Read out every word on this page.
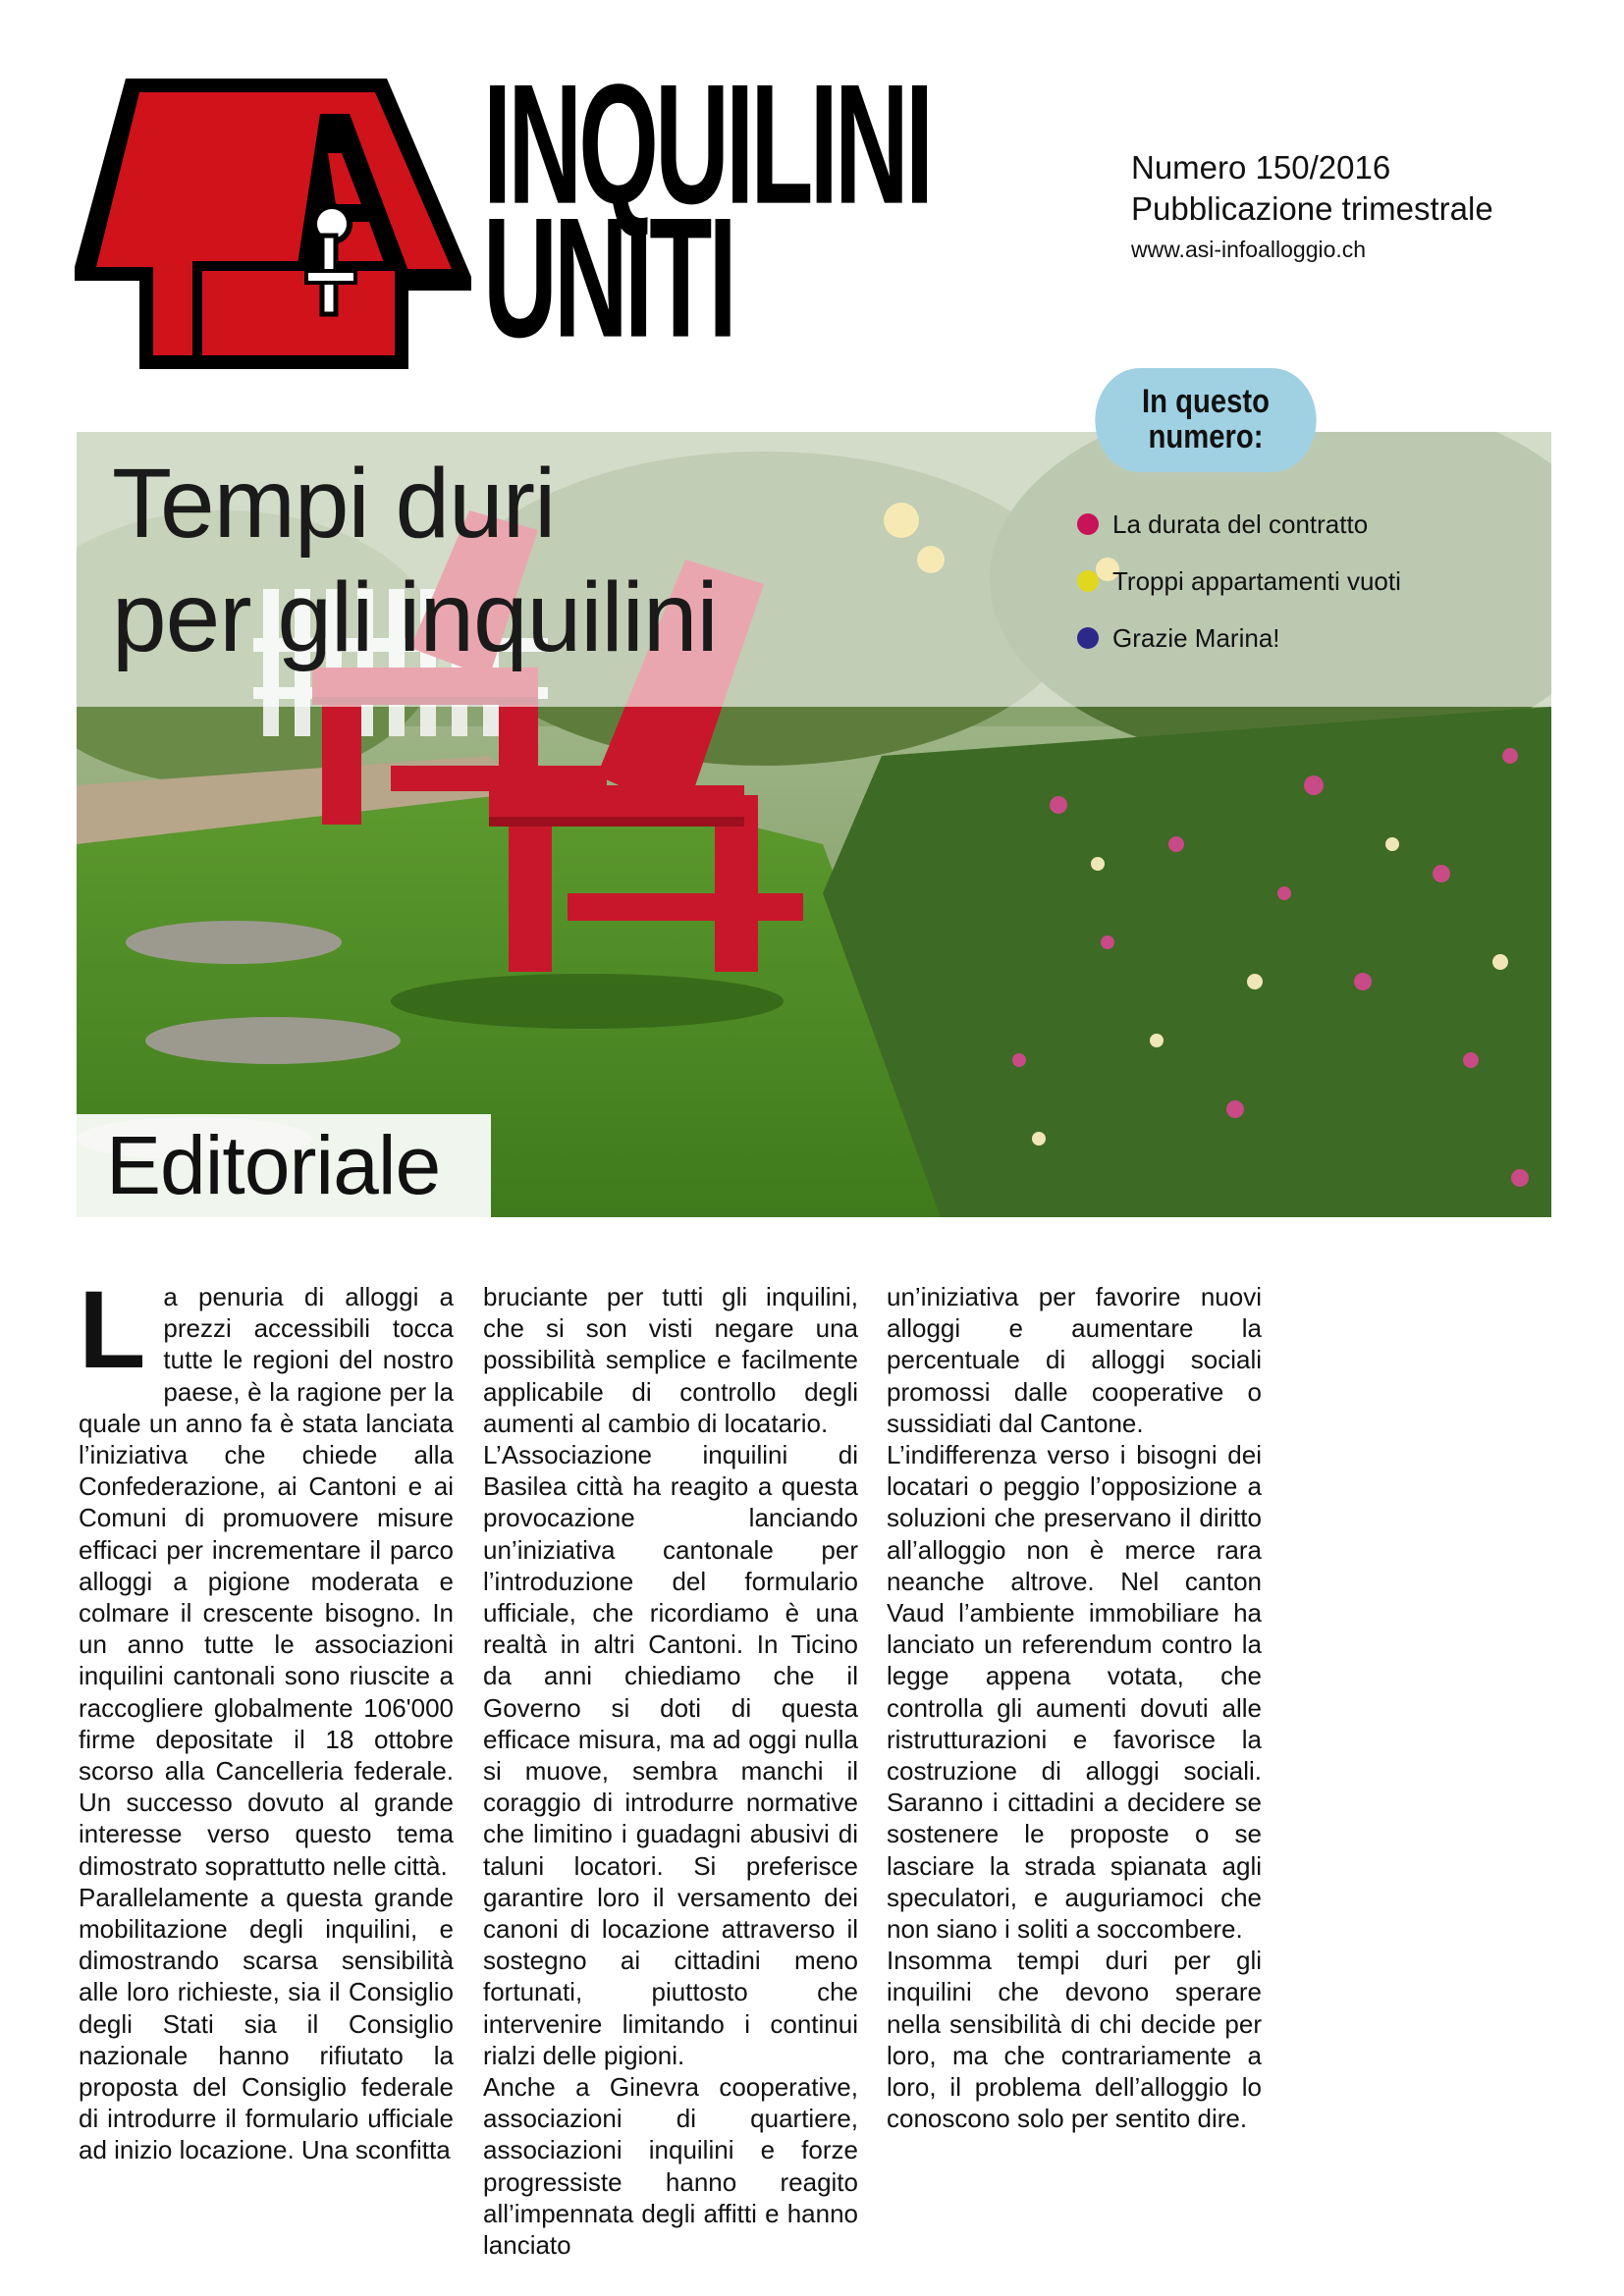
INQUILINI
UNITI
Numero 150/2016
Pubblicazione trimestrale
www.asi-infoalloggio.ch
Tempi duri
per gli inquilini
In questo
numero:
La durata del contratto
Troppi appartamenti vuoti
Grazie Marina!
Editoriale

L a penuria di alloggi a prezzi accessibili tocca tutte le regioni del nostro paese, è la ragione per la quale un anno fa è stata lanciata l’iniziativa che chiede alla Confederazione, ai Cantoni e ai Comuni di promuovere misure efficaci per incrementare il parco alloggi a pigione moderata e colmare il crescente bisogno. In un anno tutte le associazioni inquilini cantonali sono riuscite a raccogliere globalmente 106'000 firme depositate il 18 ottobre scorso alla Cancelleria federale. Un successo dovuto al grande interesse verso questo tema dimostrato soprattutto nelle città.

Parallelamente a questa grande mobilitazione degli inquilini, e dimostrando scarsa sensibilità alle loro richieste, sia il Consiglio degli Stati sia il Consiglio nazionale hanno rifiutato la proposta del Consiglio federale di introdurre il formulario ufficiale ad inizio locazione. Una sconfitta

bruciante per tutti gli inquilini, che si son visti negare una possibilità semplice e facilmente applicabile di controllo degli aumenti al cambio di locatario.

L’Associazione inquilini di Basilea città ha reagito a questa provocazione lanciando un’iniziativa cantonale per l’introduzione del formulario ufficiale, che ricordiamo è una realtà in altri Cantoni. In Ticino da anni chiediamo che il Governo si doti di questa efficace misura, ma ad oggi nulla si muove, sembra manchi il coraggio di introdurre normative che limitino i guadagni abusivi di taluni locatori. Si preferisce garantire loro il versamento dei canoni di locazione attraverso il sostegno ai cittadini meno fortunati, piuttosto che intervenire limitando i continui rialzi delle pigioni.

Anche a Ginevra cooperative, associazioni di quartiere, associazioni inquilini e forze progressiste hanno reagito all’impennata degli affitti e hanno lanciato

un’iniziativa per favorire nuovi alloggi e aumentare la percentuale di alloggi sociali promossi dalle cooperative o sussidiati dal Cantone.

L’indifferenza verso i bisogni dei locatari o peggio l’opposizione a soluzioni che preservano il diritto all’alloggio non è merce rara neanche altrove. Nel canton Vaud l’ambiente immobiliare ha lanciato un referendum contro la legge appena votata, che controlla gli aumenti dovuti alle ristrutturazioni e favorisce la costruzione di alloggi sociali. Saranno i cittadini a decidere se sostenere le proposte o se lasciare la strada spianata agli speculatori, e auguriamoci che non siano i soliti a soccombere.

Insomma tempi duri per gli inquilini che devono sperare nella sensibilità di chi decide per loro, ma che contrariamente a loro, il problema dell’alloggio lo conoscono solo per sentito dire.
